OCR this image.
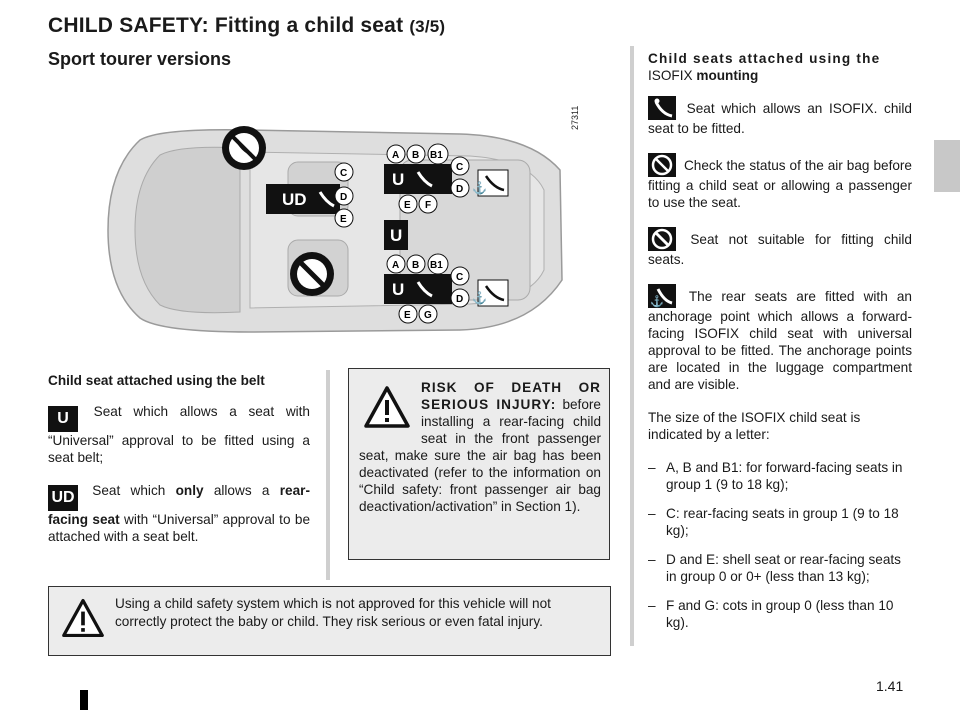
CHILD SAFETY: Fitting a child seat (3/5)
Sport tourer versions
27311
UD
C
D
E
U
A B B1
U
C
D
E F
A B B1
U
C
D
E G
⚓
⚓

Child seat attached using the belt

U Seat which allows a seat with “Universal” approval to be fitted using a seat belt;

UD Seat which only allows a rear-facing seat with “Universal” approval to be attached with a seat belt.

RISK OF DEATH OR SERIOUS INJURY: before installing a rear-facing child seat in the front passenger seat, make sure the air bag has been deactivated (refer to the information on “Child safety: front passenger air bag deactivation/activation” in Section 1).
Using a child safety system which is not approved for this vehicle will not correctly protect the baby or child. They risk serious or even fatal injury.

Child seats attached using the
ISOFIX mounting

Seat which allows an ISOFIX. child seat to be fitted.

Check the status of the air bag before fitting a child seat or allowing a passenger to use the seat.

Seat not suitable for fitting child seats.

⚓ The rear seats are fitted with an anchorage point which allows a forward-facing ISOFIX child seat with universal approval to be fitted. The anchorage points are located in the luggage compartment and are visible.

The size of the ISOFIX child seat is indicated by a letter:

– A, B and B1: for forward-facing seats in group 1 (9 to 18 kg);
– C: rear-facing seats in group 1 (9 to 18 kg);
– D and E: shell seat or rear-facing seats in group 0 or 0+ (less than 13 kg);
– F and G: cots in group 0 (less than 10 kg).
1.41
